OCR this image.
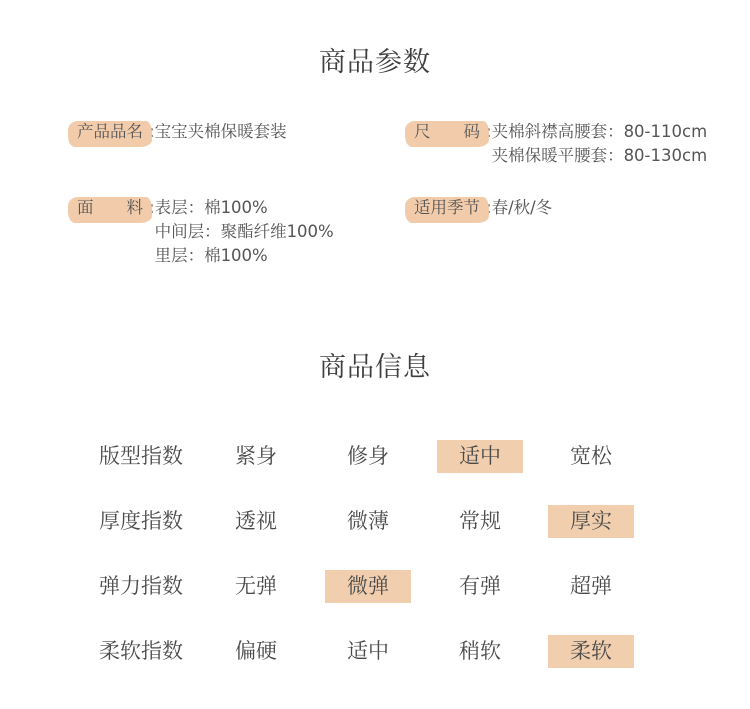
商品参数
产品品名 :宝宝夹棉保暖套装	尺　　码 : 夹棉斜襟高腰套：80-110cm
夹棉保暖平腰套：80-130cm
面　　料 : 表层：棉100%
中间层：聚酯纤维100%
里层：棉100%
适用季节 :春/秋/冬
商品信息
版型指数	紧身	修身	适中	宽松
厚度指数	透视	微薄	常规	厚实
弹力指数	无弹	微弹	有弹	超弹
柔软指数	偏硬	适中	稍软	柔软
